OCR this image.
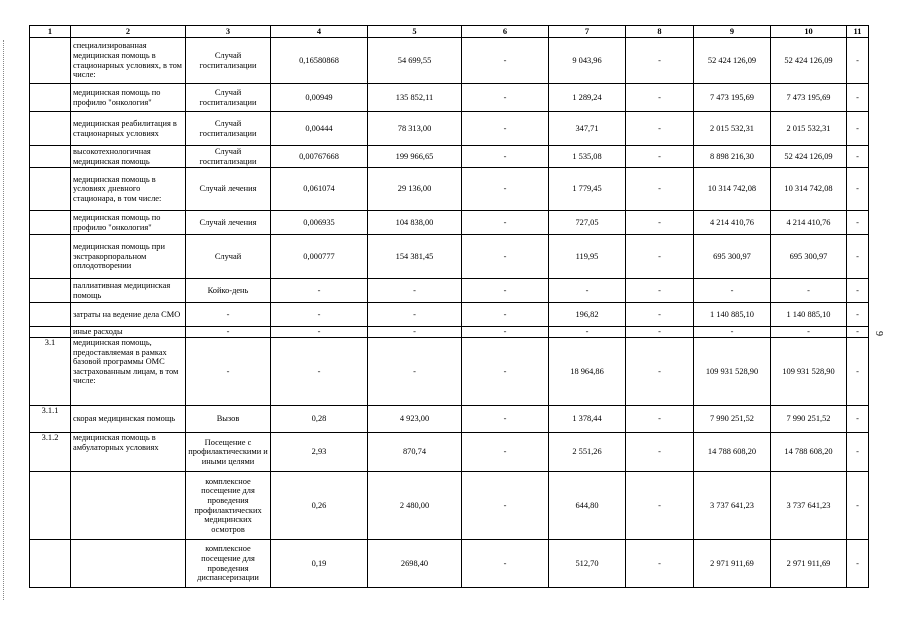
1	2	3	4	5	6	7	8	9	10	11
	специализированная медицинская помощь в стационарных условиях, в том числе:	Случай госпитализации	0,16580868	54 699,55	-	9 043,96	-	52 424 126,09	52 424 126,09	-
	медицинская помощь по профилю "онкология"	Случай госпитализации	0,00949	135 852,11	-	1 289,24	-	7 473 195,69	7 473 195,69	-
	медицинская реабилитация в стационарных условиях	Случай госпитализации	0,00444	78 313,00	-	347,71	-	2 015 532,31	2 015 532,31	-
	высокотехнологичная медицинская помощь	Случай госпитализации	0,00767668	199 966,65	-	1 535,08	-	8 898 216,30	52 424 126,09	-
	медицинская помощь в условиях дневного стационара, в том числе:	Случай лечения	0,061074	29 136,00	-	1 779,45	-	10 314 742,08	10 314 742,08	-
	медицинская помощь по профилю "онкология"	Случай лечения	0,006935	104 838,00	-	727,05	-	4 214 410,76	4 214 410,76	-
	медицинская помощь при экстракорпоральном оплодотворении	Случай	0,000777	154 381,45	-	119,95	-	695 300,97	695 300,97	-
	паллиативная медицинская помощь	Койко-день	-	-	-	-	-	-	-	-
	затраты на ведение дела СМО	-	-	-	-	196,82	-	1 140 885,10	1 140 885,10	-
	иные расходы	-	-	-	-	-	-	-	-	-
3.1	медицинская помощь, предоставляемая в рамках базовой программы ОМС застрахованным лицам, в том числе:	-	-	-	-	18 964,86	-	109 931 528,90	109 931 528,90	-
3.1.1	скорая медицинская помощь	Вызов	0,28	4 923,00	-	1 378,44	-	7 990 251,52	7 990 251,52	-
3.1.2	медицинская помощь в амбулаторных условиях	Посещение с профилактическими и иными целями	2,93	870,74	-	2 551,26	-	14 788 608,20	14 788 608,20	-
		комплексное посещение для проведения профилактических медицинских осмотров	0,26	2 480,00	-	644,80	-	3 737 641,23	3 737 641,23	-
		комплексное посещение для проведения диспансеризации	0,19	2698,40	-	512,70	-	2 971 911,69	2 971 911,69	-
9
